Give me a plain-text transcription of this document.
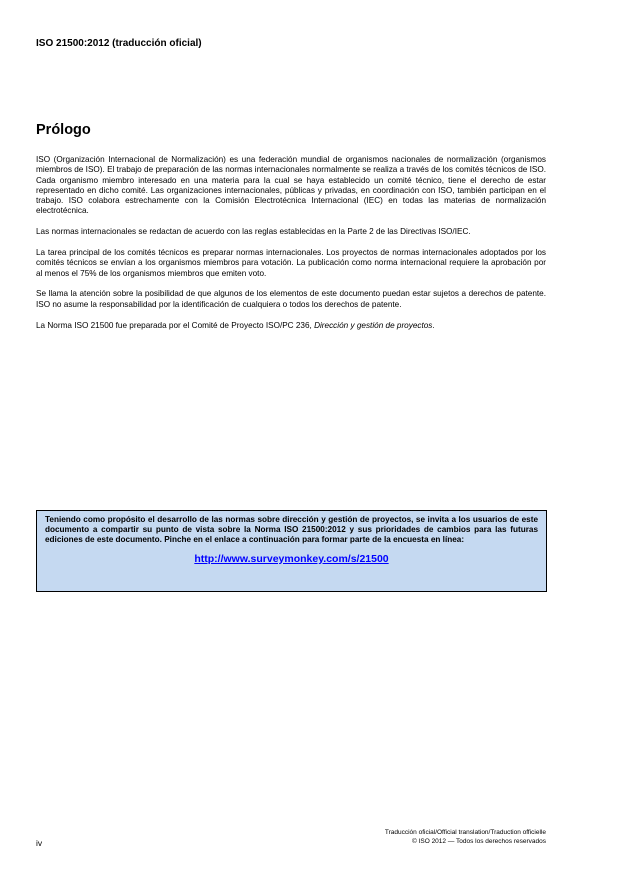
ISO 21500:2012 (traducción oficial)
Prólogo

ISO (Organización Internacional de Normalización) es una federación mundial de organismos nacionales de normalización (organismos miembros de ISO). El trabajo de preparación de las normas internacionales normalmente se realiza a través de los comités técnicos de ISO. Cada organismo miembro interesado en una materia para la cual se haya establecido un comité técnico, tiene el derecho de estar representado en dicho comité. Las organizaciones internacionales, públicas y privadas, en coordinación con ISO, también participan en el trabajo. ISO colabora estrechamente con la Comisión Electrotécnica Internacional (IEC) en todas las materias de normalización electrotécnica.

Las normas internacionales se redactan de acuerdo con las reglas establecidas en la Parte 2 de las Directivas ISO/IEC.

La tarea principal de los comités técnicos es preparar normas internacionales. Los proyectos de normas internacionales adoptados por los comités técnicos se envían a los organismos miembros para votación. La publicación como norma internacional requiere la aprobación por al menos el 75% de los organismos miembros que emiten voto.

Se llama la atención sobre la posibilidad de que algunos de los elementos de este documento puedan estar sujetos a derechos de patente. ISO no asume la responsabilidad por la identificación de cualquiera o todos los derechos de patente.

La Norma ISO 21500 fue preparada por el Comité de Proyecto ISO/PC 236, Dirección y gestión de proyectos.

Teniendo como propósito el desarrollo de las normas sobre dirección y gestión de proyectos, se invita a los usuarios de este documento a compartir su punto de vista sobre la Norma ISO 21500:2012 y sus prioridades de cambios para las futuras ediciones de este documento. Pinche en el enlace a continuación para formar parte de la encuesta en línea:
http://www.surveymonkey.com/s/21500
Traducción oficial/Official translation/Traduction officielle
© ISO 2012 — Todos los derechos reservados
iv
